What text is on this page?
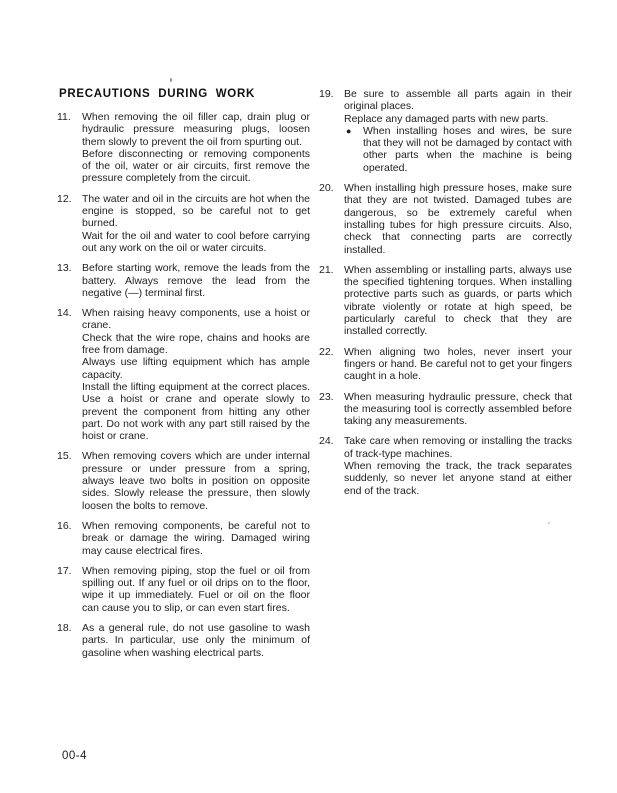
PRECAUTIONS DURING WORK
11.	When removing the oil filler cap, drain plug or hydraulic pressure measuring plugs, loosen them slowly to prevent the oil from spurting out.

Before disconnecting or removing components of the oil, water or air circuits, first remove the pressure completely from the circuit.

12. The water and oil in the circuits are hot when the engine is stopped, so be careful not to get burned.

Wait for the oil and water to cool before carrying out any work on the oil or water circuits.

13. Before starting work, remove the leads from the battery. Always remove the lead from the negative (—) terminal first.

14. When raising heavy components, use a hoist or crane.

Check that the wire rope, chains and hooks are free from damage.

Always use lifting equipment which has ample capacity.

Install the lifting equipment at the correct places. Use a hoist or crane and operate slowly to prevent the component from hitting any other part. Do not work with any part still raised by the hoist or crane.

15. When removing covers which are under internal pressure or under pressure from a spring, always leave two bolts in position on opposite sides. Slowly release the pressure, then slowly loosen the bolts to remove.

16. When removing components, be careful not to break or damage the wiring. Damaged wiring may cause electrical fires.

17. When removing piping, stop the fuel or oil from spilling out. If any fuel or oil drips on to the floor, wipe it up immediately. Fuel or oil on the floor can cause you to slip, or can even start fires.

18. As a general rule, do not use gasoline to wash parts. In particular, use only the minimum of gasoline when washing electrical parts.

19. Be sure to assemble all parts again in their original places.

Replace any damaged parts with new parts.

●	When installing hoses and wires, be sure that they will not be damaged by contact with other parts when the machine is being operated.

20. When installing high pressure hoses, make sure that they are not twisted. Damaged tubes are dangerous, so be extremely careful when installing tubes for high pressure circuits. Also, check that connecting parts are correctly installed.

21. When assembling or installing parts, always use the specified tightening torques. When installing protective parts such as guards, or parts which vibrate violently or rotate at high speed, be particularly careful to check that they are installed correctly.

22. When aligning two holes, never insert your fingers or hand. Be careful not to get your fingers caught in a hole.

23. When measuring hydraulic pressure, check that the measuring tool is correctly assembled before taking any measurements.

24. Take care when removing or installing the tracks of track-type machines.

When removing the track, the track separates suddenly, so never let anyone stand at either end of the track.

00-4
